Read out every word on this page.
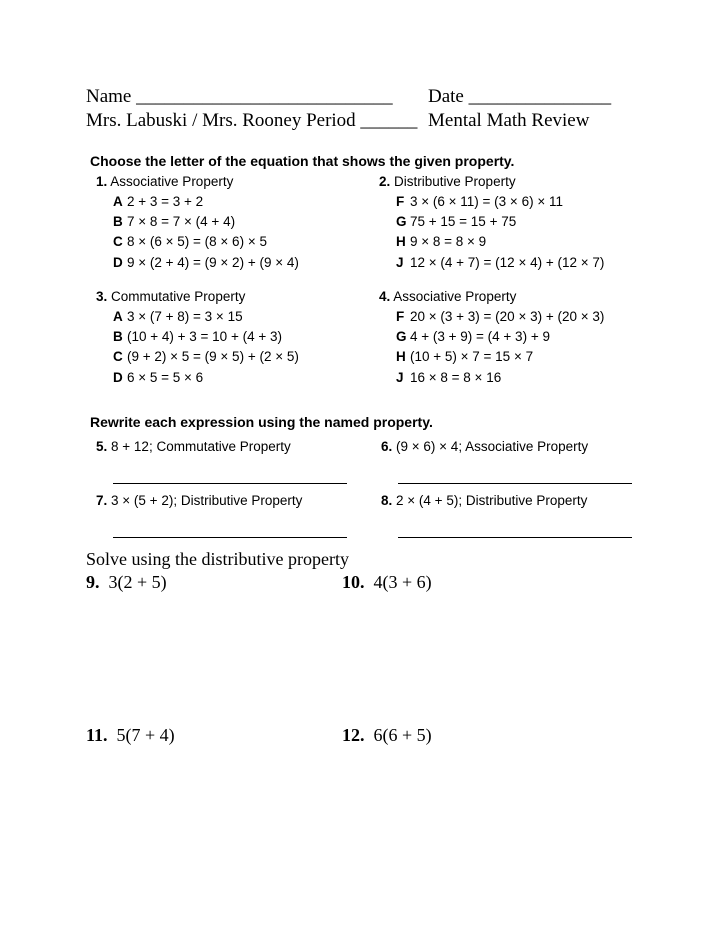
Name ___________________________ Date _______________
Mrs. Labuski / Mrs. Rooney Period ______ Mental Math Review
Choose the letter of the equation that shows the given property.
1. Associative Property
A 2 + 3 = 3 + 2
B 7 × 8 = 7 × (4 + 4)
C 8 × (6 × 5) = (8 × 6) × 5
D 9 × (2 + 4) = (9 × 2) + (9 × 4)
2. Distributive Property
F 3 × (6 × 11) = (3 × 6) × 11
G 75 + 15 = 15 + 75
H 9 × 8 = 8 × 9
J 12 × (4 + 7) = (12 × 4) + (12 × 7)
3. Commutative Property
A 3 × (7 + 8) = 3 × 15
B (10 + 4) + 3 = 10 + (4 + 3)
C (9 + 2) × 5 = (9 × 5) + (2 × 5)
D 6 × 5 = 5 × 6
4. Associative Property
F 20 × (3 + 3) = (20 × 3) + (20 × 3)
G 4 + (3 + 9) = (4 + 3) + 9
H (10 + 5) × 7 = 15 × 7
J 16 × 8 = 8 × 16
Rewrite each expression using the named property.
5. 8 + 12; Commutative Property	6. (9 × 6) × 4; Associative Property
7. 3 × (5 + 2); Distributive Property	8. 2 × (4 + 5); Distributive Property
Solve using the distributive property
9. 3(2 + 5)	10. 4(3 + 6)
11. 5(7 + 4)	12. 6(6 + 5)
